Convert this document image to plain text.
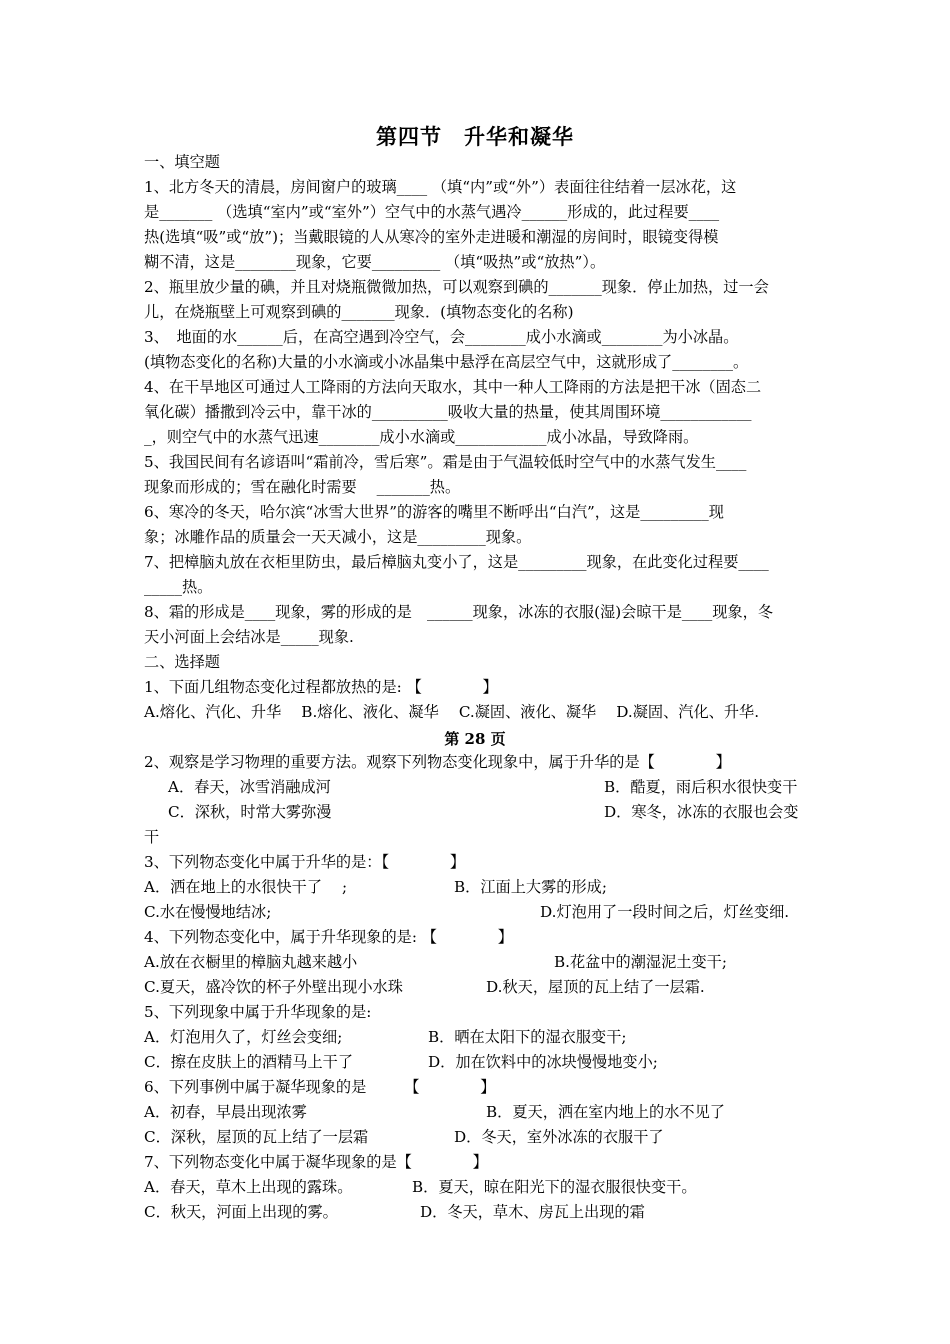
第四节　升华和凝华
一、填空题
1、北方冬天的清晨，房间窗户的玻璃____ （填“内”或“外”）表面往往结着一层冰花，这
是_______ （选填“室内”或“室外”）空气中的水蒸气遇冷______形成的，此过程要____
热(选填“吸”或“放”)；当戴眼镜的人从寒冷的室外走进暖和潮湿的房间时，眼镜变得模
糊不清，这是________现象，它要_________ （填“吸热”或“放热”）。
2、瓶里放少量的碘，并且对烧瓶微微加热，可以观察到碘的_______现象．停止加热，过一会
儿，在烧瓶壁上可观察到碘的_______现象．(填物态变化的名称)
3、　地面的水______后，在高空遇到冷空气，会________成小水滴或________为小冰晶。
(填物态变化的名称)大量的小水滴或小冰晶集中悬浮在高层空气中，这就形成了________。
4、在干旱地区可通过人工降雨的方法向天取水，其中一种人工降雨的方法是把干冰（固态二
氧化碳）播撒到冷云中，靠干冰的__________吸收大量的热量，使其周围环境____________
_，则空气中的水蒸气迅速________成小水滴或____________成小冰晶，导致降雨。
5、我国民间有名谚语叫“霜前冷，雪后寒”。霜是由于气温较低时空气中的水蒸气发生____
现象而形成的；雪在融化时需要　 _______热。
6、寒冷的冬天，哈尔滨“冰雪大世界”的游客的嘴里不断呼出“白汽”，这是_________现
象；冰雕作品的质量会一天天减小，这是_________现象。
7、把樟脑丸放在衣柜里防虫，最后樟脑丸变小了，这是_________现象，在此变化过程要____
_____热。
8、霜的形成是____现象，雾的形成的是　______现象，冰冻的衣服(湿)会晾干是____现象，冬
天小河面上会结冰是_____现象.
二、选择题
1、下面几组物态变化过程都放热的是: 【　　　　】
A.熔化、汽化、升华　 B.熔化、液化、凝华　 C.凝固、液化、凝华　 D.凝固、汽化、升华.
第 28 页
2、观察是学习物理的重要方法。观察下列物态变化现象中，属于升华的是【　　　　】
A．春天，冰雪消融成河	B．酷夏，雨后积水很快变干
C．深秋，时常大雾弥漫	D．寒冬，冰冻的衣服也会变
干
3、下列物态变化中属于升华的是：【　　　　】
A．洒在地上的水很快干了　 ;	B．江面上大雾的形成;
C.水在慢慢地结冰;	D.灯泡用了一段时间之后，灯丝变细.
4、下列物态变化中，属于升华现象的是: 【　　　　】
A.放在衣橱里的樟脑丸越来越小	B.花盆中的潮湿泥土变干;
C.夏天，盛冷饮的杯子外壁出现小水珠	D.秋天，屋顶的瓦上结了一层霜.
5、下列现象中属于升华现象的是:
A．灯泡用久了，灯丝会变细;	B．晒在太阳下的湿衣服变干;
C．擦在皮肤上的酒精马上干了	D．加在饮料中的冰块慢慢地变小;
6、下列事例中属于凝华现象的是　　　【　　　　】
A．初春，早晨出现浓雾	B．夏天，洒在室内地上的水不见了
C．深秋，屋顶的瓦上结了一层霜	D．冬天，室外冰冻的衣服干了
7、下列物态变化中属于凝华现象的是【　　　　】
A．春天，草木上出现的露珠。	B．夏天，晾在阳光下的湿衣服很快变干。
C．秋天，河面上出现的雾。	D．冬天，草木、房瓦上出现的霜
